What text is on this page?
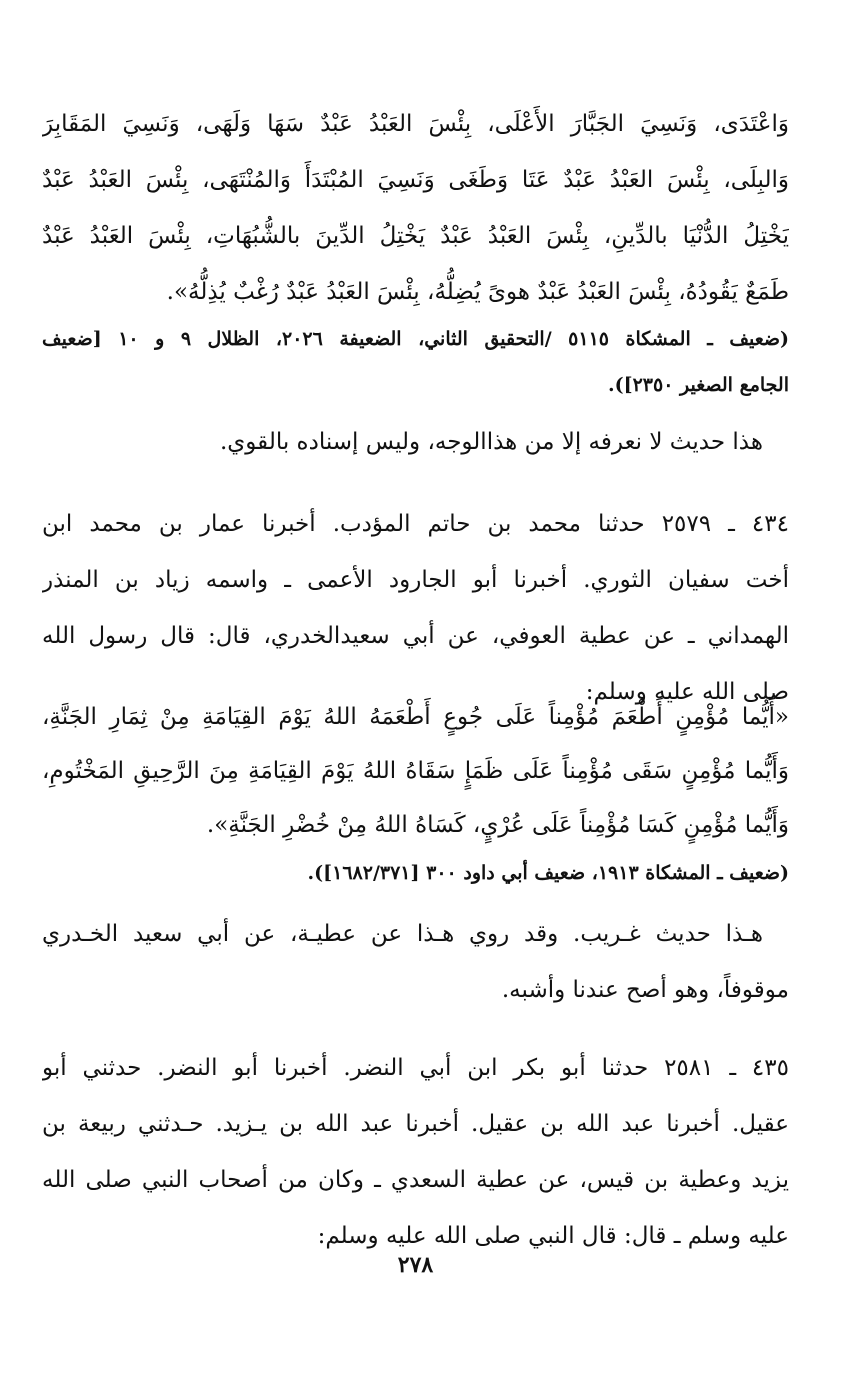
وَاعْتَدَى، وَنَسِيَ الجَبَّارَ الأَعْلَى، بِئْسَ العَبْدُ عَبْدٌ سَهَا وَلَهَى، وَنَسِيَ المَقَابِرَ
وَالبِلَى، بِئْسَ العَبْدُ عَبْدٌ عَتَا وَطَغَى وَنَسِيَ المُبْتَدَأَ وَالمُنْتَهَى، بِئْسَ العَبْدُ عَبْدٌ
يَخْتِلُ الدُّنْيَا بالدِّينِ، بِئْسَ العَبْدُ عَبْدٌ يَخْتِلُ الدِّينَ بالشُّبُهَاتِ، بِئْسَ العَبْدُ عَبْدٌ
طَمَعٌ يَقُودُهُ، بِئْسَ العَبْدُ عَبْدٌ هوىً يُضِلُّهُ، بِئْسَ العَبْدُ عَبْدٌ رُغْبٌ يُذِلُّهُ».
(ضعيف ـ المشكاة ٥١١٥ /التحقيق الثاني، الضعيفة ٢٠٢٦، الظلال ٩ و ١٠ [ضعيف
الجامع الصغير ٢٣٥٠]).
هذا حديث لا نعرفه إلا من هذاالوجه، وليس إسناده بالقوي.
٤٣٤ ـ ٢٥٧٩ حدثنا محمد بن حاتم المؤدب. أخبرنا عمار بن محمد ابن
أخت سفيان الثوري. أخبرنا أبو الجارود الأعمى ـ واسمه زياد بن المنذر
الهمداني ـ عن عطية العوفي، عن أبي سعيدالخدري، قال: قال رسول الله
صلى الله عليه وسلم:
«أَيُّما مُؤْمِنٍ أَطْعَمَ مُؤْمِناً عَلَى جُوعٍ أَطْعَمَهُ اللهُ يَوْمَ القِيَامَةِ مِنْ ثِمَارِ الجَنَّةِ،
وَأَيُّما مُؤْمِنٍ سَقَى مُؤْمِناً عَلَى ظَمَإٍ سَقَاهُ اللهُ يَوْمَ القِيَامَةِ مِنَ الرَّحِيقِ المَخْتُومِ،
وَأَيُّما مُؤْمِنٍ كَسَا مُؤْمِناً عَلَى عُرْيٍ، كَسَاهُ اللهُ مِنْ خُضْرِ الجَنَّةِ».
(ضعيف ـ المشكاة ١٩١٣، ضعيف أبي داود ٣٠٠ [١٦٨٢/٣٧١]).
هـذا حديث غـريب. وقد روي هـذا عن عطيـة، عن أبي سعيد الخـدري
موقوفاً، وهو أصح عندنا وأشبه.
٤٣٥ ـ ٢٥٨١ حدثنا أبو بكر ابن أبي النضر. أخبرنا أبو النضر. حدثني أبو
عقيل. أخبرنا عبد الله بن عقيل. أخبرنا عبد الله بن يـزيد. حـدثني ربيعة بن
يزيد وعطية بن قيس، عن عطية السعدي ـ وكان من أصحاب النبي صلى الله
عليه وسلم ـ قال: قال النبي صلى الله عليه وسلم:
٢٧٨
